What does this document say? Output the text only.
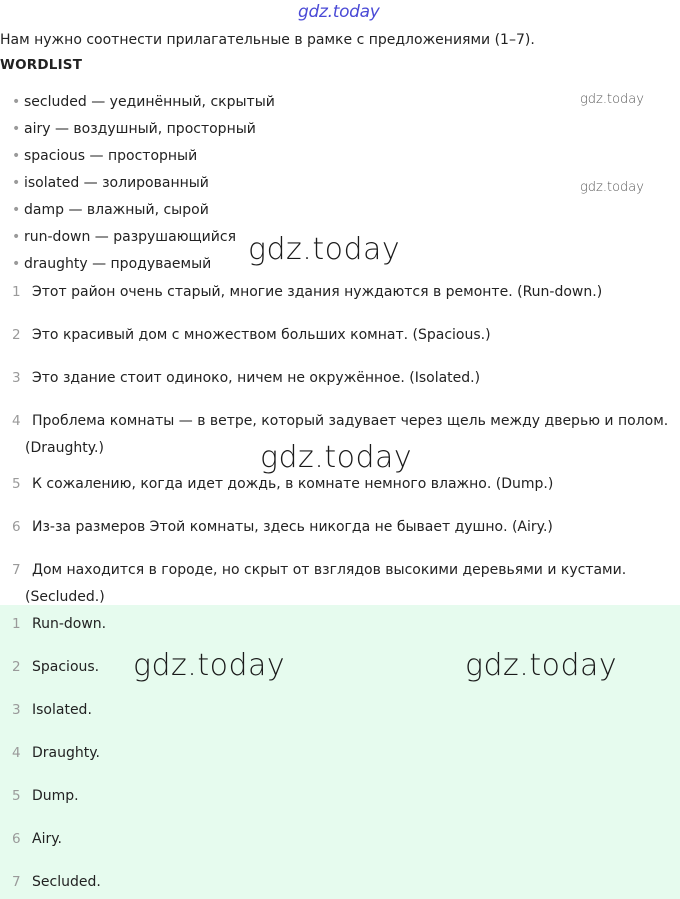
gdz.today
gdz.today
gdz.today
gdz.today
gdz.today
gdz.today	gdz.today
Нам нужно соотнести прилагательные в рамке с предложениями (1–7).
WORDLIST
• secluded — уединённый, скрытый
• airy — воздушный, просторный
• spacious — просторный
• isolated — золированный
• damp — влажный, сырой
• run-down — разрушающийся
• draughty — продуваемый
1 Этот район очень старый, многие здания нуждаются в ремонте. (Run-down.)
2 Это красивый дом с множеством больших комнат. (Spacious.)
3 Это здание стоит одиноко, ничем не окружённое. (Isolated.)
4 Проблема комнаты — в ветре, который задувает через щель между дверью и полом.
(Draughty.)
5 К сожалению, когда идет дождь, в комнате немного влажно. (Dump.)
6 Из-за размеров Этой комнаты, здесь никогда не бывает душно. (Airy.)
7 Дом находится в городе, но скрыт от взглядов высокими деревьями и кустами.
(Secluded.)
1 Run-down.
2 Spacious.
3 Isolated.
4 Draughty.
5 Dump.
6 Airy.
7 Secluded.
